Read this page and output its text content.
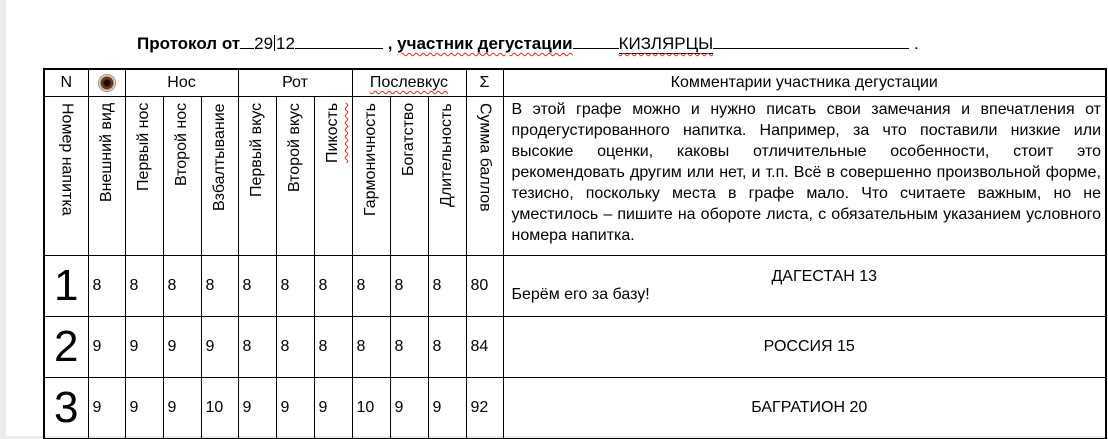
Протокол от 29 12	, участник дегустации	КИЗЛЯРЦЫ	.
N		Нос			Рот			Послевкус			Σ	Комментарии участника дегустации

Номер напитка	Внешний вид	Первый нос	Второй нос	Взбалтывание	Первый вкус	Второй вкус	Пикость	Гармоничность	Богатство	Длительность	Сумма баллов	В этой графе можно и нужно писать свои замечания и впечатления от продегустированного напитка. Например, за что поставили низкие или высокие оценки, каковы отличительные особенности, стоит это рекомендовать другим или нет, и т.п. Всё в совершенно произвольной форме, тезисно, поскольку места в графе мало. Что считаете важным, но не уместилось – пишите на обороте листа, с обязательным указанием условного номера напитка.
1	8	8	8	8	8	8	8	8	8	8	80	ДАГЕСТАН 13
Берём его за базу!

2	9	9	9	9	8	8	8	8	8	8	84	РОССИЯ 15

3	9	9	9	10	9	9	9	10	9	9	92	БАГРАТИОН 20
